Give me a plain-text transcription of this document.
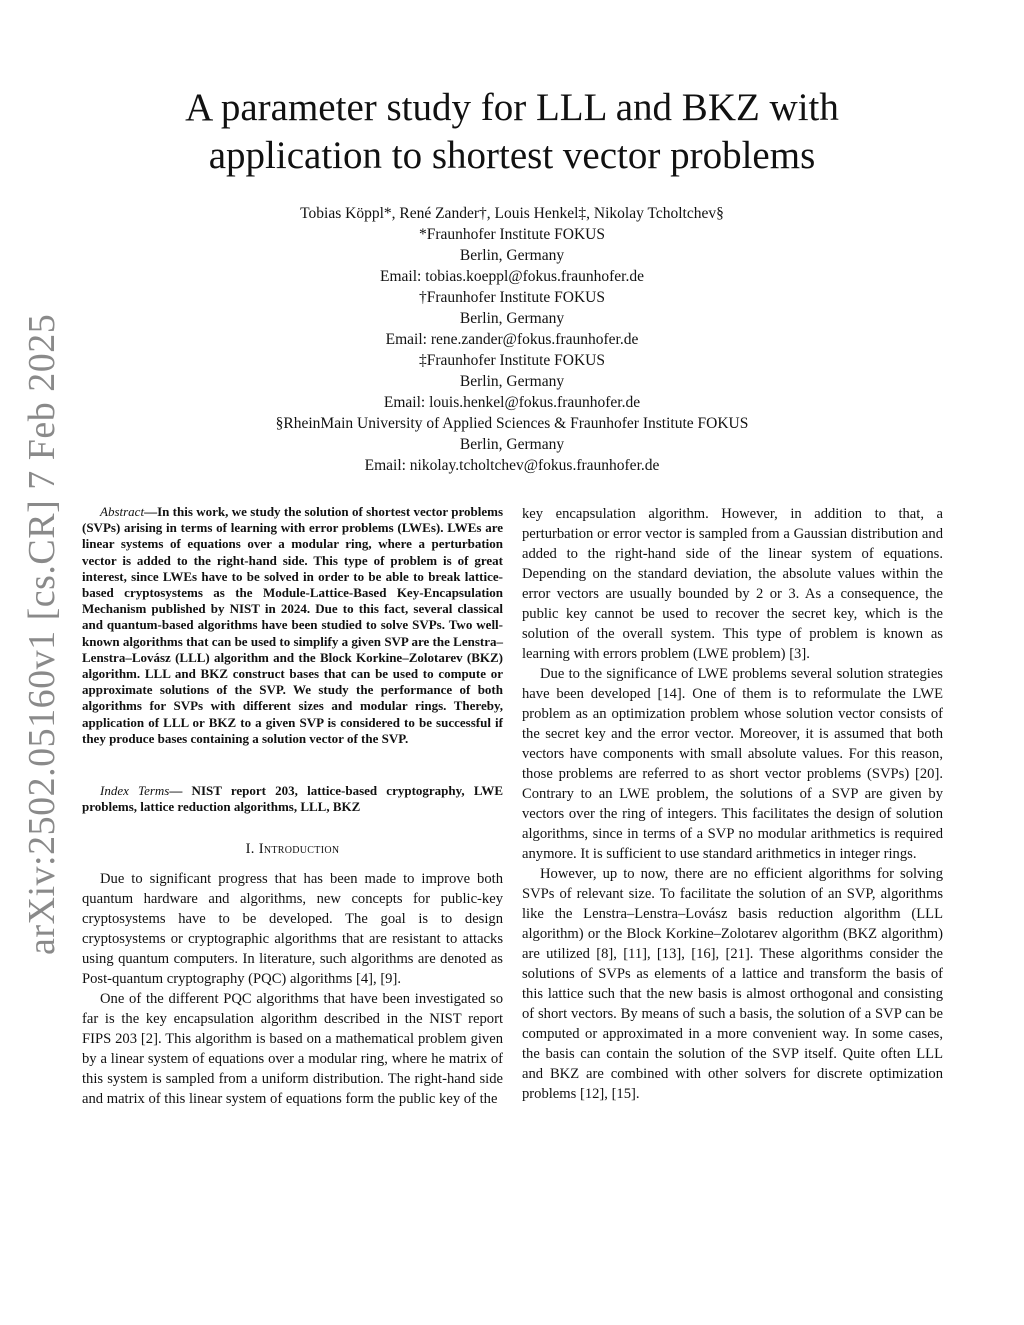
arXiv:2502.05160v1 [cs.CR] 7 Feb 2025
A parameter study for LLL and BKZ with
application to shortest vector problems
Tobias Köppl*, René Zander†, Louis Henkel‡, Nikolay Tcholtchev§
*Fraunhofer Institute FOKUS
Berlin, Germany
Email: tobias.koeppl@fokus.fraunhofer.de
†Fraunhofer Institute FOKUS
Berlin, Germany
Email: rene.zander@fokus.fraunhofer.de
‡Fraunhofer Institute FOKUS
Berlin, Germany
Email: louis.henkel@fokus.fraunhofer.de
§RheinMain University of Applied Sciences & Fraunhofer Institute FOKUS
Berlin, Germany
Email: nikolay.tcholtchev@fokus.fraunhofer.de

Abstract—In this work, we study the solution of shortest vector problems (SVPs) arising in terms of learning with error problems (LWEs). LWEs are linear systems of equations over a modular ring, where a perturbation vector is added to the right-hand side. This type of problem is of great interest, since LWEs have to be solved in order to be able to break lattice-based cryptosystems as the Module-Lattice-Based Key-Encapsulation Mechanism published by NIST in 2024. Due to this fact, several classical and quantum-based algorithms have been studied to solve SVPs. Two well-known algorithms that can be used to simplify a given SVP are the Lenstra–Lenstra–Lovász (LLL) algorithm and the Block Korkine–Zolotarev (BKZ) algorithm. LLL and BKZ construct bases that can be used to compute or approximate solutions of the SVP. We study the performance of both algorithms for SVPs with different sizes and modular rings. Thereby, application of LLL or BKZ to a given SVP is considered to be successful if they produce bases containing a solution vector of the SVP.

Index Terms— NIST report 203, lattice-based cryptography, LWE problems, lattice reduction algorithms, LLL, BKZ

I. Introduction

Due to significant progress that has been made to improve both quantum hardware and algorithms, new concepts for public-key cryptosystems have to be developed. The goal is to design cryptosystems or cryptographic algorithms that are resistant to attacks using quantum computers. In literature, such algorithms are denoted as Post-quantum cryptography (PQC) algorithms [4], [9].

One of the different PQC algorithms that have been investigated so far is the key encapsulation algorithm described in the NIST report FIPS 203 [2]. This algorithm is based on a mathematical problem given by a linear system of equations over a modular ring, where he matrix of this system is sampled from a uniform distribution. The right-hand side and matrix of this linear system of equations form the public key of the

key encapsulation algorithm. However, in addition to that, a perturbation or error vector is sampled from a Gaussian distribution and added to the right-hand side of the linear system of equations. Depending on the standard deviation, the absolute values within the error vectors are usually bounded by 2 or 3. As a consequence, the public key cannot be used to recover the secret key, which is the solution of the overall system. This type of problem is known as learning with errors problem (LWE problem) [3].

Due to the significance of LWE problems several solution strategies have been developed [14]. One of them is to reformulate the LWE problem as an optimization problem whose solution vector consists of the secret key and the error vector. Moreover, it is assumed that both vectors have components with small absolute values. For this reason, those problems are referred to as short vector problems (SVPs) [20]. Contrary to an LWE problem, the solutions of a SVP are given by vectors over the ring of integers. This facilitates the design of solution algorithms, since in terms of a SVP no modular arithmetics is required anymore. It is sufficient to use standard arithmetics in integer rings.

However, up to now, there are no efficient algorithms for solving SVPs of relevant size. To facilitate the solution of an SVP, algorithms like the Lenstra–Lenstra–Lovász basis reduction algorithm (LLL algorithm) or the Block Korkine–Zolotarev algorithm (BKZ algorithm) are utilized [8], [11], [13], [16], [21]. These algorithms consider the solutions of SVPs as elements of a lattice and transform the basis of this lattice such that the new basis is almost orthogonal and consisting of short vectors. By means of such a basis, the solution of a SVP can be computed or approximated in a more convenient way. In some cases, the basis can contain the solution of the SVP itself. Quite often LLL and BKZ are combined with other solvers for discrete optimization problems [12], [15].
